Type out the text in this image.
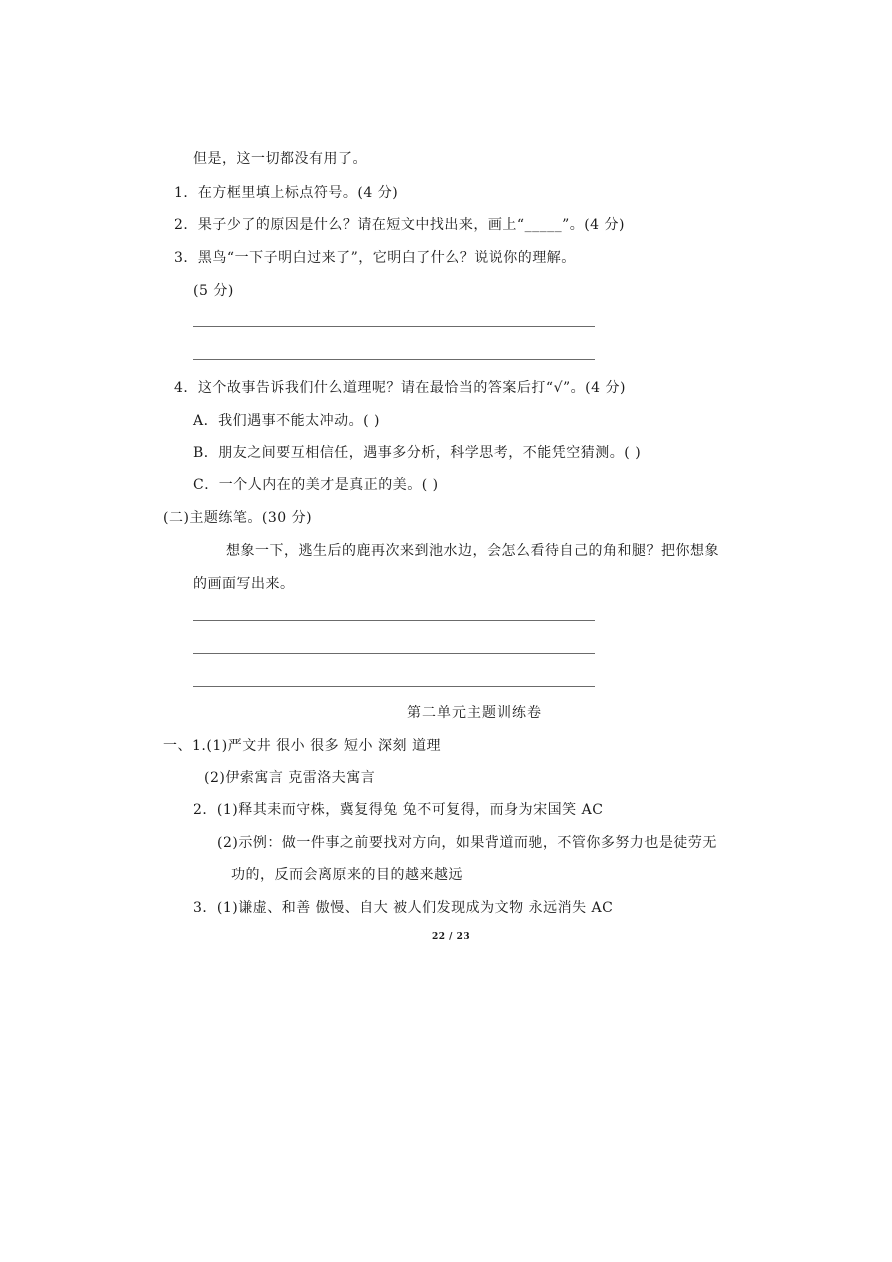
但是，这一切都没有用了。
1．在方框里填上标点符号。(4 分)
2．果子少了的原因是什么？请在短文中找出来，画上“_____”。(4 分)
3．黑鸟“一下子明白过来了”，它明白了什么？说说你的理解。
(5 分)
4．这个故事告诉我们什么道理呢？请在最恰当的答案后打“√”。(4 分)
A．我们遇事不能太冲动。( )
B．朋友之间要互相信任，遇事多分析，科学思考，不能凭空猜测。( )
C．一个人内在的美才是真正的美。( )
(二)主题练笔。(30 分)
想象一下，逃生后的鹿再次来到池水边，会怎么看待自己的角和腿？把你想象
的画面写出来。
第二单元主题训练卷
一、1.(1)严文井 很小 很多 短小 深刻 道理
(2)伊索寓言 克雷洛夫寓言
2．(1)释其耒而守株，冀复得兔 兔不可复得，而身为宋国笑 AC
(2)示例：做一件事之前要找对方向，如果背道而驰，不管你多努力也是徒劳无
功的，反而会离原来的目的越来越远
3．(1)谦虚、和善 傲慢、自大 被人们发现成为文物 永远消失 AC
22 / 23
